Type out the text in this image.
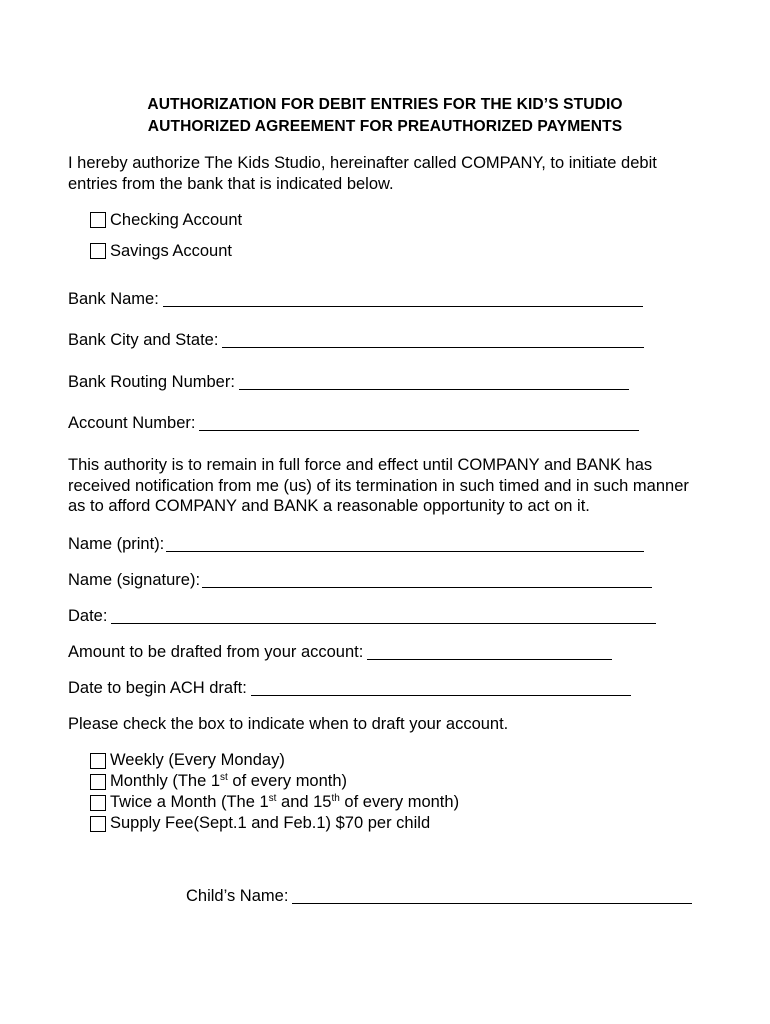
AUTHORIZATION FOR DEBIT ENTRIES FOR THE KID’S STUDIO
AUTHORIZED AGREEMENT FOR PREAUTHORIZED PAYMENTS
I hereby authorize The Kids Studio, hereinafter called COMPANY, to initiate debit entries from the bank that is indicated below.
Checking Account
Savings Account
Bank Name:
Bank City and State:
Bank Routing Number:
Account Number:
This authority is to remain in full force and effect until COMPANY and BANK has received notification from me (us) of its termination in such timed and in such manner as to afford COMPANY and BANK a reasonable opportunity to act on it.
Name (print):
Name (signature):
Date:
Amount to be drafted from your account:
Date to begin ACH draft:
Please check the box to indicate when to draft your account.
Weekly (Every Monday)
Monthly (The 1st of every month)
Twice a Month (The 1st and 15th of every month)
Supply Fee(Sept.1 and Feb.1) $70 per child
Child’s Name:
